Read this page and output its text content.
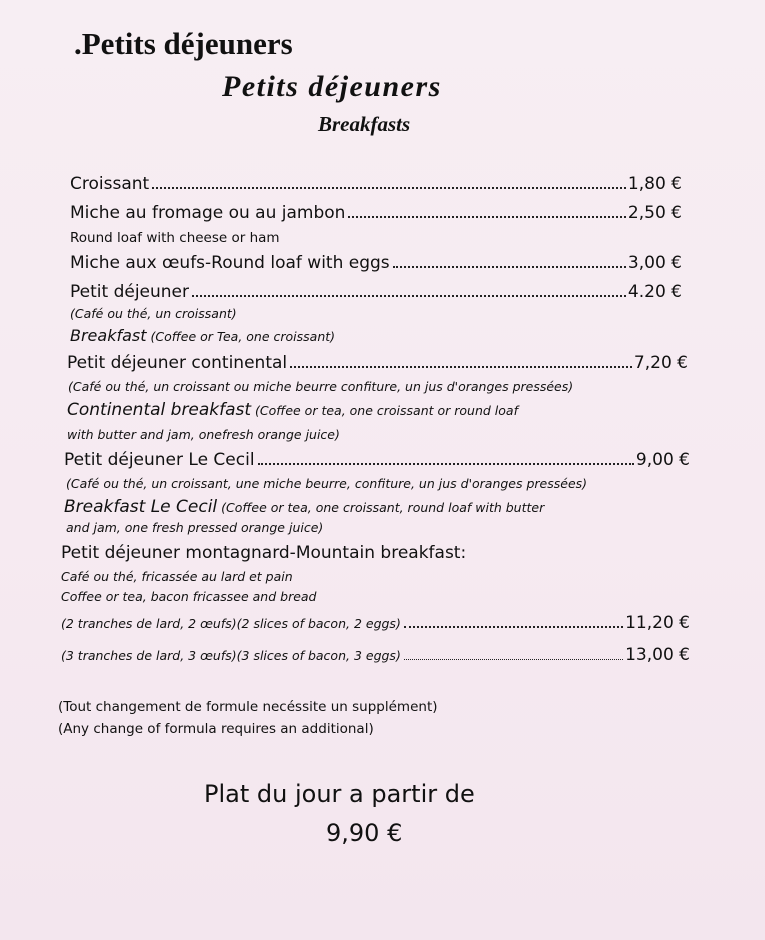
.Petits déjeuners
Petits déjeuners
Breakfasts
Croissant	1,80 €
Miche au fromage ou au jambon	2,50 €
Round loaf with cheese or ham
Miche aux œufs-Round loaf with eggs	3,00 €
Petit déjeuner	4.20 €
(Café ou thé, un croissant)
Breakfast (Coffee or Tea, one croissant)
Petit déjeuner continental	7,20 €
(Café ou thé, un croissant ou miche beurre confiture, un jus d'oranges pressées)
Continental breakfast (Coffee or tea, one croissant or round loaf
with butter and jam, onefresh orange juice)
Petit déjeuner Le Cecil	9,00 €
(Café ou thé, un croissant, une miche beurre, confiture, un jus d'oranges pressées)
Breakfast Le Cecil (Coffee or tea, one croissant, round loaf with butter
and jam, one fresh pressed orange juice)
Petit déjeuner montagnard-Mountain breakfast:
Café ou thé, fricassée au lard et pain
Coffee or tea, bacon fricassee and bread
(2 tranches de lard, 2 œufs)(2 slices of bacon, 2 eggs)	11,20 €
(3 tranches de lard, 3 œufs)(3 slices of bacon, 3 eggs)	13,00 €
(Tout changement de formule necéssite un supplément)
(Any change of formula requires an additional)
Plat du jour a partir de
9,90 €
